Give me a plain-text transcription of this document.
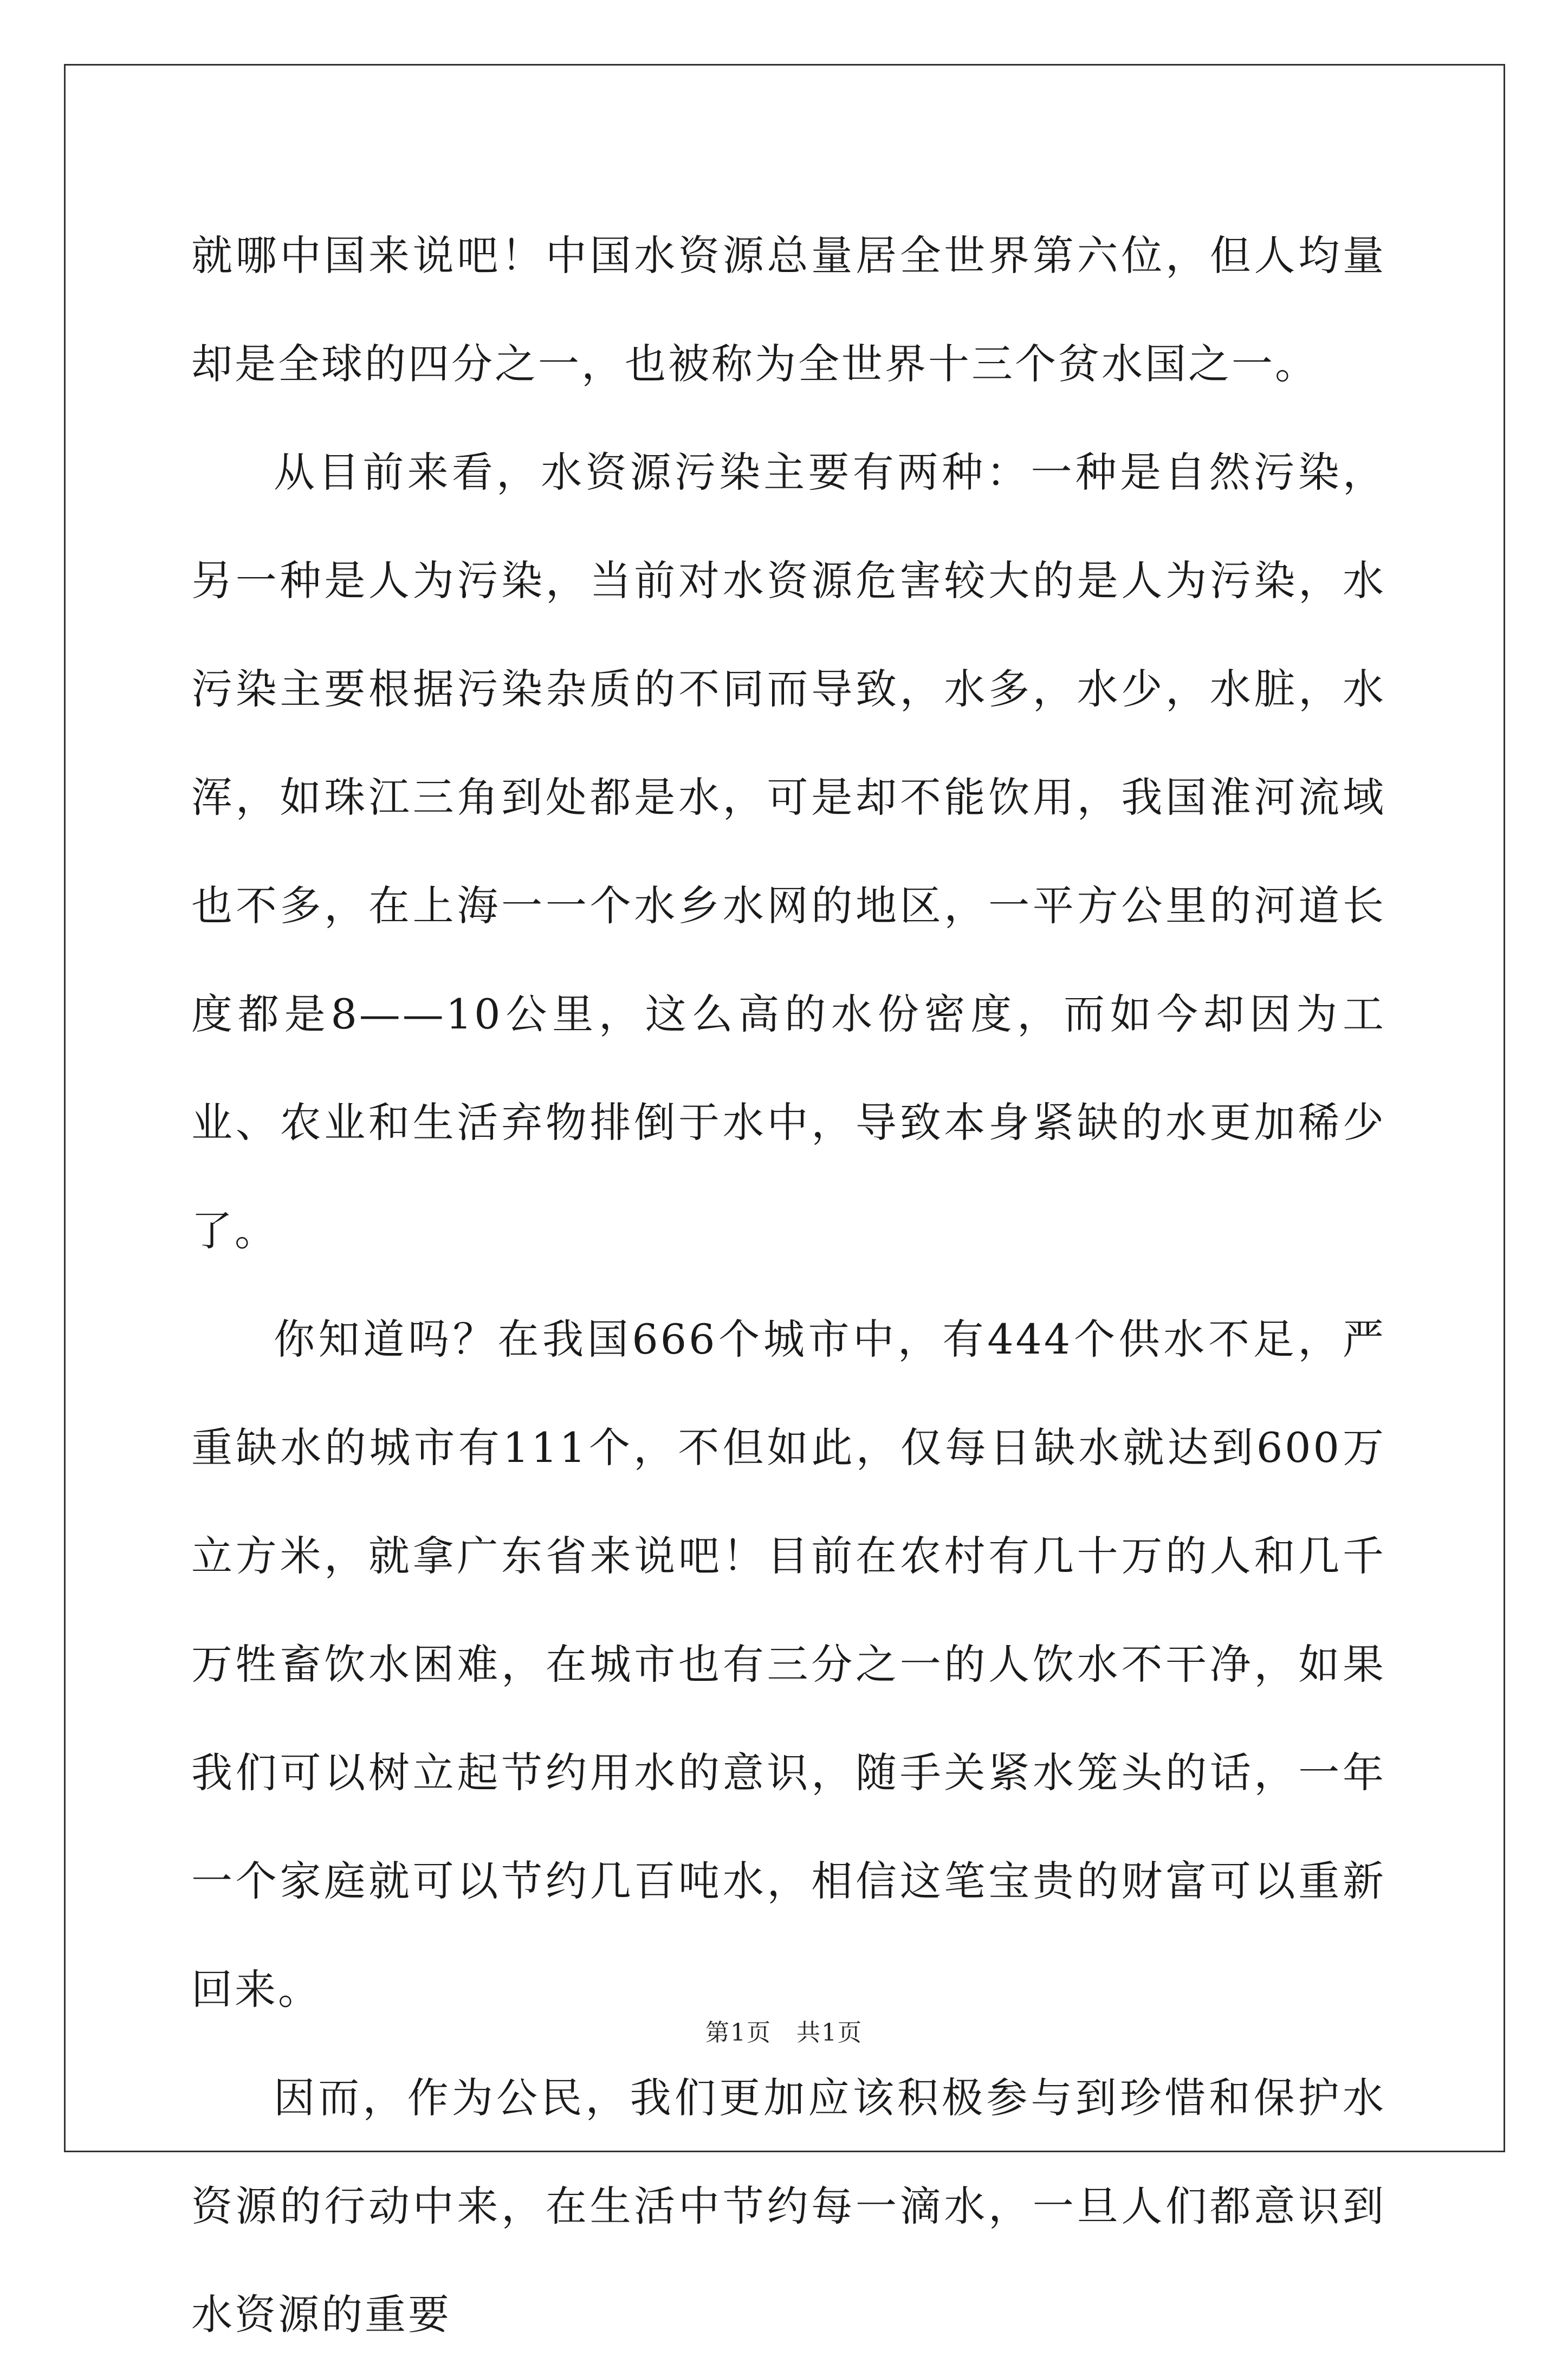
就哪中国来说吧！中国水资源总量居全世界第六位，但人均量却是全球的四分之一，也被称为全世界十三个贫水国之一。

从目前来看，水资源污染主要有两种：一种是自然污染，另一种是人为污染，当前对水资源危害较大的是人为污染，水污染主要根据污染杂质的不同而导致，水多，水少，水脏，水浑，如珠江三角到处都是水，可是却不能饮用，我国淮河流域也不多，在上海一一个水乡水网的地区，一平方公里的河道长度都是8——10公里，这么高的水份密度，而如今却因为工业、农业和生活弃物排倒于水中，导致本身紧缺的水更加稀少了。

你知道吗？在我国666个城市中，有444个供水不足，严重缺水的城市有111个，不但如此，仅每日缺水就达到600万立方米，就拿广东省来说吧！目前在农村有几十万的人和几千万牲畜饮水困难，在城市也有三分之一的人饮水不干净，如果我们可以树立起节约用水的意识，随手关紧水笼头的话，一年一个家庭就可以节约几百吨水，相信这笔宝贵的财富可以重新回来。

因而，作为公民，我们更加应该积极参与到珍惜和保护水资源的行动中来，在生活中节约每一滴水，一旦人们都意识到水资源的重要

第1页　共1页
